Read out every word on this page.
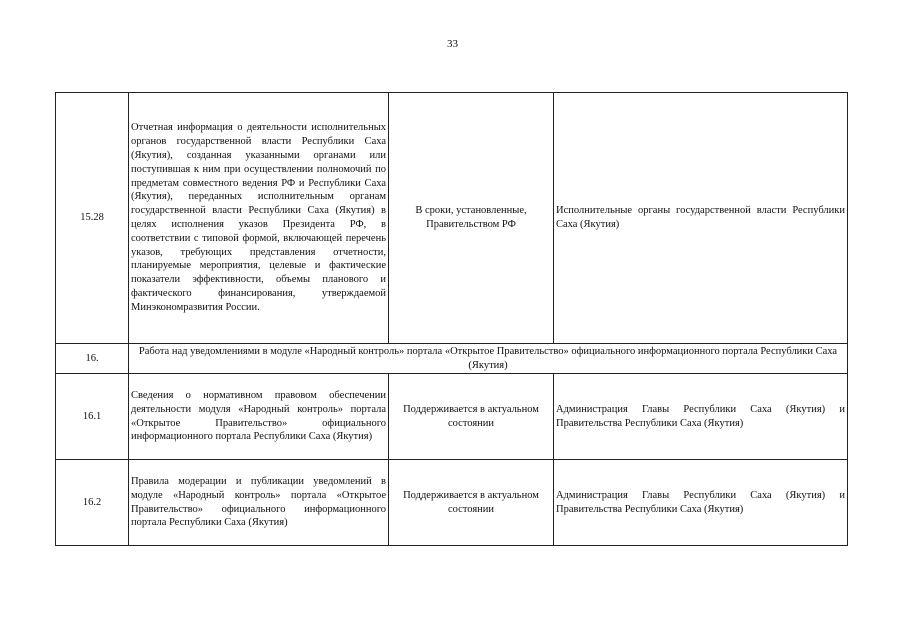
33
15.28	Отчетная информация о деятельности исполнительных органов государственной власти Республики Саха (Якутия), созданная указанными органами или поступившая к ним при осуществлении полномочий по предметам совместного ведения РФ и Республики Саха (Якутия), переданных исполнительным органам государственной власти Республики Саха (Якутия) в целях исполнения указов Президента РФ, в соответствии с типовой формой, включающей перечень указов, требующих представления отчетности, планируемые мероприятия, целевые и фактические показатели эффективности, объемы планового и фактического финансирования, утверждаемой Минэкономразвития России.	В сроки, установленные, Правительством РФ	Исполнительные органы государственной власти Республики Саха (Якутия)
16.	Работа над уведомлениями в модуле «Народный контроль» портала «Открытое Правительство» официального информационного портала Республики Саха (Якутия)		
16.1	Сведения о нормативном правовом обеспечении деятельности модуля «Народный контроль» портала «Открытое Правительство» официального информационного портала Республики Саха (Якутия)	Поддерживается в актуальном состоянии	Администрация Главы Республики Саха (Якутия) и Правительства Республики Саха (Якутия)
16.2	Правила модерации и публикации уведомлений в модуле «Народный контроль» портала «Открытое Правительство» официального информационного портала Республики Саха (Якутия)	Поддерживается в актуальном состоянии	Администрация Главы Республики Саха (Якутия) и Правительства Республики Саха (Якутия)
